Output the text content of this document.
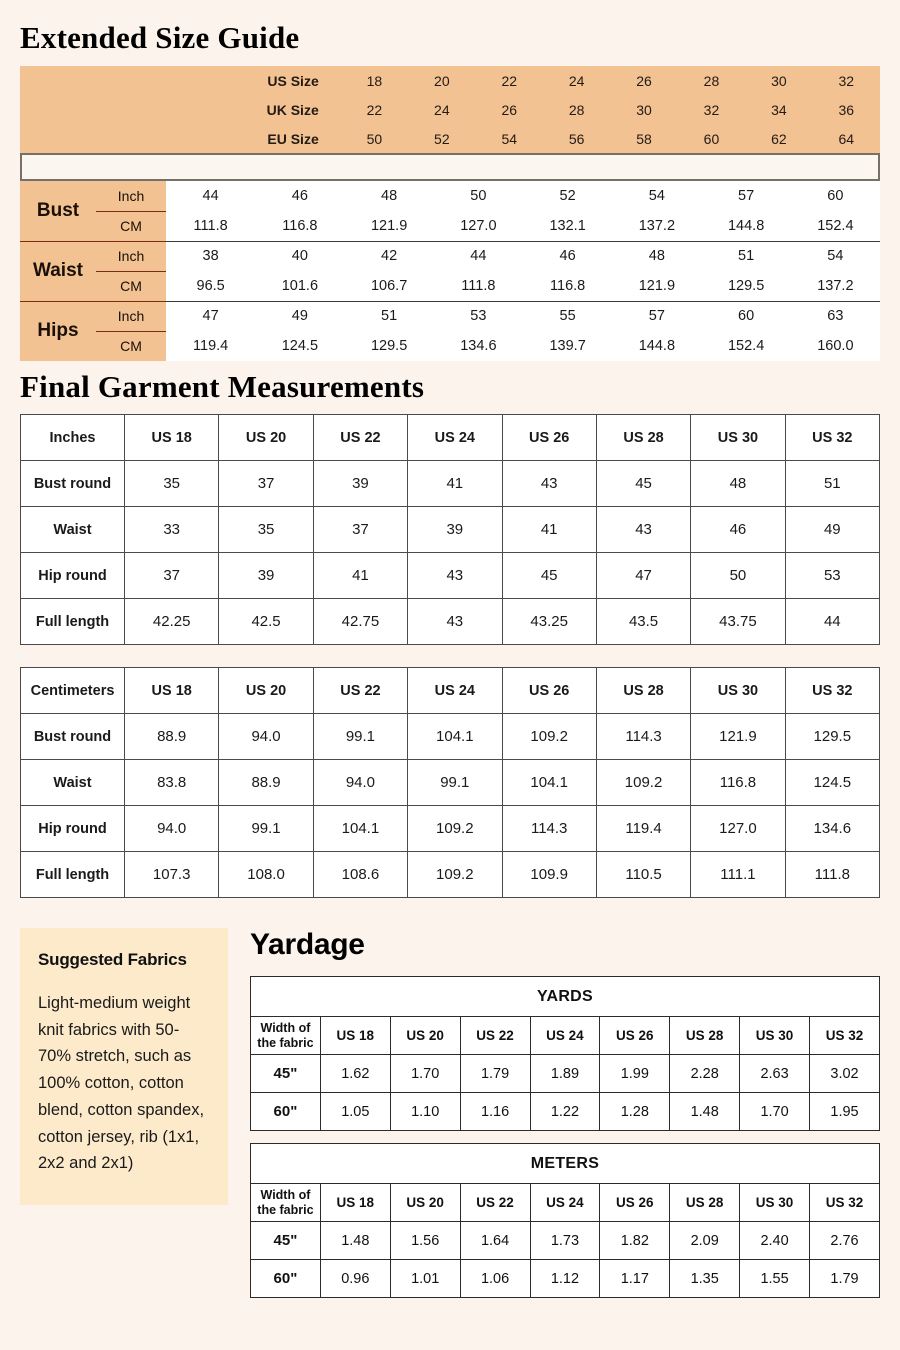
Extended Size Guide
US Size	18	20	22	24	26	28	30	32
UK Size	22	24	26	28	30	32	34	36
EU Size	50	52	54	56	58	60	62	64
Bust	Inch	44	46	48	50	52	54	57	60
	CM	111.8	116.8	121.9	127.0	132.1	137.2	144.8	152.4
Waist	Inch	38	40	42	44	46	48	51	54
	CM	96.5	101.6	106.7	111.8	116.8	121.9	129.5	137.2
Hips	Inch	47	49	51	53	55	57	60	63
	CM	119.4	124.5	129.5	134.6	139.7	144.8	152.4	160.0
Final Garment Measurements
Inches	US 18	US 20	US 22	US 24	US 26	US 28	US 30	US 32
Bust round	35	37	39	41	43	45	48	51
Waist	33	35	37	39	41	43	46	49
Hip round	37	39	41	43	45	47	50	53
Full length	42.25	42.5	42.75	43	43.25	43.5	43.75	44
Centimeters	US 18	US 20	US 22	US 24	US 26	US 28	US 30	US 32
Bust round	88.9	94.0	99.1	104.1	109.2	114.3	121.9	129.5
Waist	83.8	88.9	94.0	99.1	104.1	109.2	116.8	124.5
Hip round	94.0	99.1	104.1	109.2	114.3	119.4	127.0	134.6
Full length	107.3	108.0	108.6	109.2	109.9	110.5	111.1	111.8
Suggested Fabrics

Light-medium weight knit fabrics with 50-70% stretch, such as 100% cotton, cotton blend, cotton spandex, cotton jersey, rib (1x1, 2x2 and 2x1)

Yardage
YARDS								
Width of
the fabric	US 18	US 20	US 22	US 24	US 26	US 28	US 30	US 32
45"	1.62	1.70	1.79	1.89	1.99	2.28	2.63	3.02
60"	1.05	1.10	1.16	1.22	1.28	1.48	1.70	1.95
METERS								
Width of
the fabric	US 18	US 20	US 22	US 24	US 26	US 28	US 30	US 32
45"	1.48	1.56	1.64	1.73	1.82	2.09	2.40	2.76
60"	0.96	1.01	1.06	1.12	1.17	1.35	1.55	1.79
